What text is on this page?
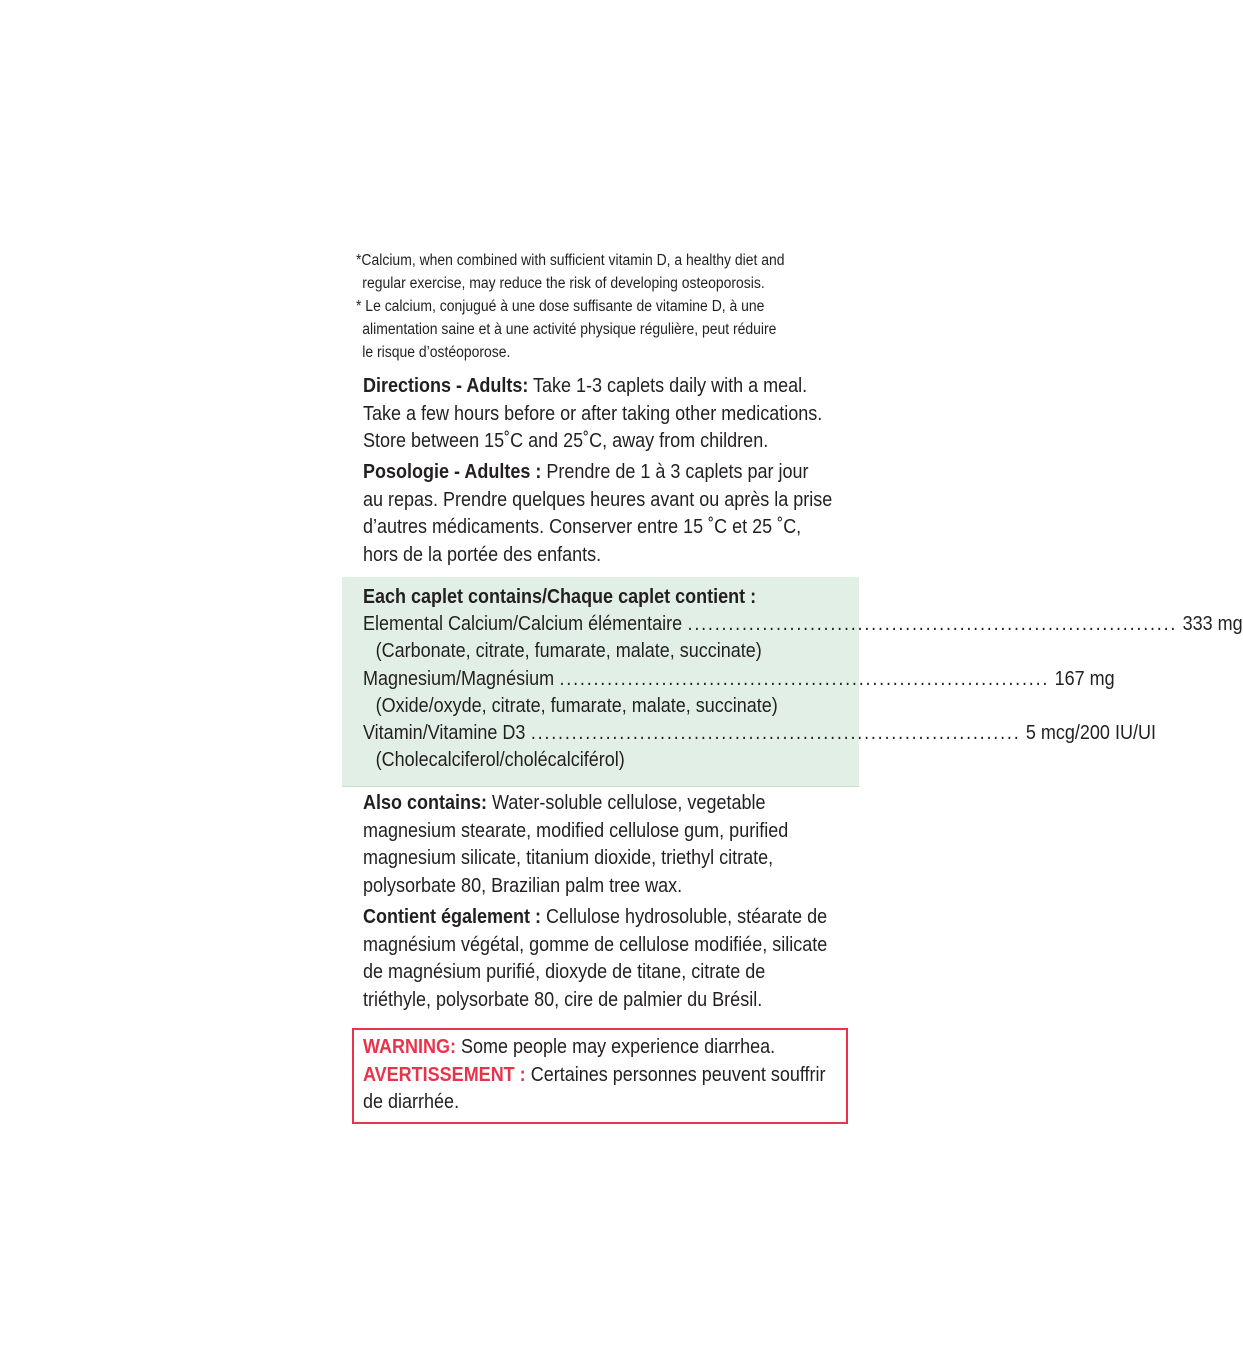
*Calcium, when combined with sufficient vitamin D, a healthy diet and
regular exercise, may reduce the risk of developing osteoporosis.
* Le calcium, conjugué à une dose suffisante de vitamine D, à une
alimentation saine et à une activité physique régulière, peut réduire
le risque d’ostéoporose.
Directions - Adults: Take 1-3 caplets daily with a meal.
Take a few hours before or after taking other medications.
Store between 15˚C and 25˚C, away from children.
Posologie - Adultes : Prendre de 1 à 3 caplets par jour
au repas. Prendre quelques heures avant ou après la prise
d’autres médicaments. Conserver entre 15 ˚C et 25 ˚C,
hors de la portée des enfants.
Each caplet contains/Chaque caplet contient :
Elemental Calcium/Calcium élémentaire ........................................................................ 333 mg
(Carbonate, citrate, fumarate, malate, succinate)
Magnesium/Magnésium ........................................................................ 167 mg
(Oxide/oxyde, citrate, fumarate, malate, succinate)
Vitamin/Vitamine D3 ........................................................................ 5 mcg/200 IU/UI
(Cholecalciferol/cholécalciférol)
Also contains: Water-soluble cellulose, vegetable
magnesium stearate, modified cellulose gum, purified
magnesium silicate, titanium dioxide, triethyl citrate,
polysorbate 80, Brazilian palm tree wax.
Contient également : Cellulose hydrosoluble, stéarate de
magnésium végétal, gomme de cellulose modifiée, silicate
de magnésium purifié, dioxyde de titane, citrate de
triéthyle, polysorbate 80, cire de palmier du Brésil.
WARNING: Some people may experience diarrhea.
AVERTISSEMENT : Certaines personnes peuvent souffrir
de diarrhée.
